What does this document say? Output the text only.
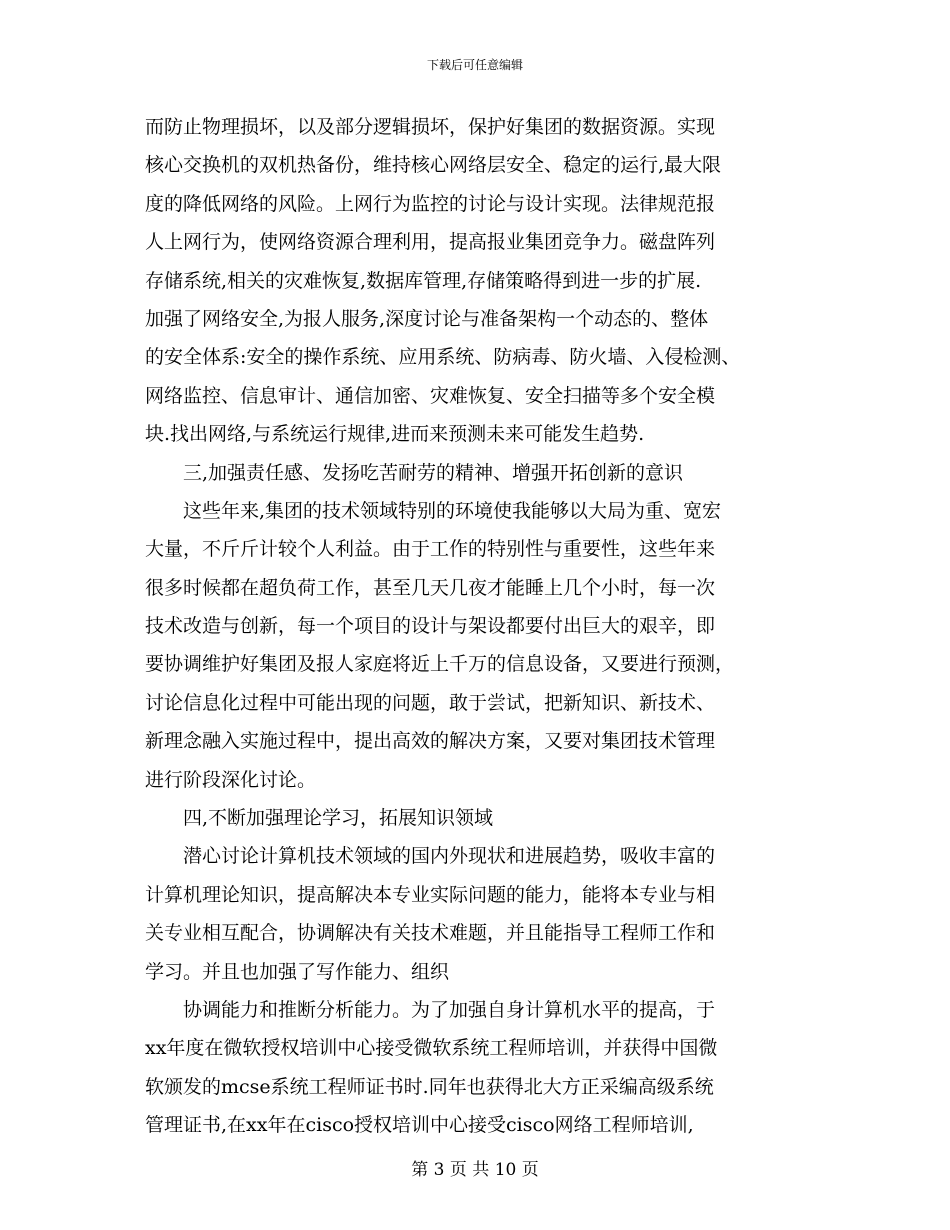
下载后可任意编辑
而防止物理损坏，以及部分逻辑损坏，保护好集团的数据资源。实现
核心交换机的双机热备份，维持核心网络层安全、稳定的运行,最大限
度的降低网络的风险。上网行为监控的讨论与设计实现。法律规范报
人上网行为，使网络资源合理利用，提高报业集团竞争力。磁盘阵列
存储系统,相关的灾难恢复,数据库管理,存储策略得到进一步的扩展.
加强了网络安全,为报人服务,深度讨论与准备架构一个动态的、整体
的安全体系:安全的操作系统、应用系统、防病毒、防火墙、入侵检测、
网络监控、信息审计、通信加密、灾难恢复、安全扫描等多个安全模
块.找出网络,与系统运行规律,进而来预测未来可能发生趋势.
三,加强责任感、发扬吃苦耐劳的精神、增强开拓创新的意识
这些年来,集团的技术领域特别的环境使我能够以大局为重、宽宏
大量，不斤斤计较个人利益。由于工作的特别性与重要性，这些年来
很多时候都在超负荷工作，甚至几天几夜才能睡上几个小时，每一次
技术改造与创新，每一个项目的设计与架设都要付出巨大的艰辛，即
要协调维护好集团及报人家庭将近上千万的信息设备，又要进行预测，
讨论信息化过程中可能出现的问题，敢于尝试，把新知识、新技术、
新理念融入实施过程中，提出高效的解决方案，又要对集团技术管理
进行阶段深化讨论。
四,不断加强理论学习，拓展知识领域
潜心讨论计算机技术领域的国内外现状和进展趋势，吸收丰富的
计算机理论知识，提高解决本专业实际问题的能力，能将本专业与相
关专业相互配合，协调解决有关技术难题，并且能指导工程师工作和
学习。并且也加强了写作能力、组织
协调能力和推断分析能力。为了加强自身计算机水平的提高，于
xx年度在微软授权培训中心接受微软系统工程师培训，并获得中国微
软颁发的mcse系统工程师证书时.同年也获得北大方正采编高级系统
管理证书,在xx年在cisco授权培训中心接受cisco网络工程师培训,
第 3 页 共 10 页
